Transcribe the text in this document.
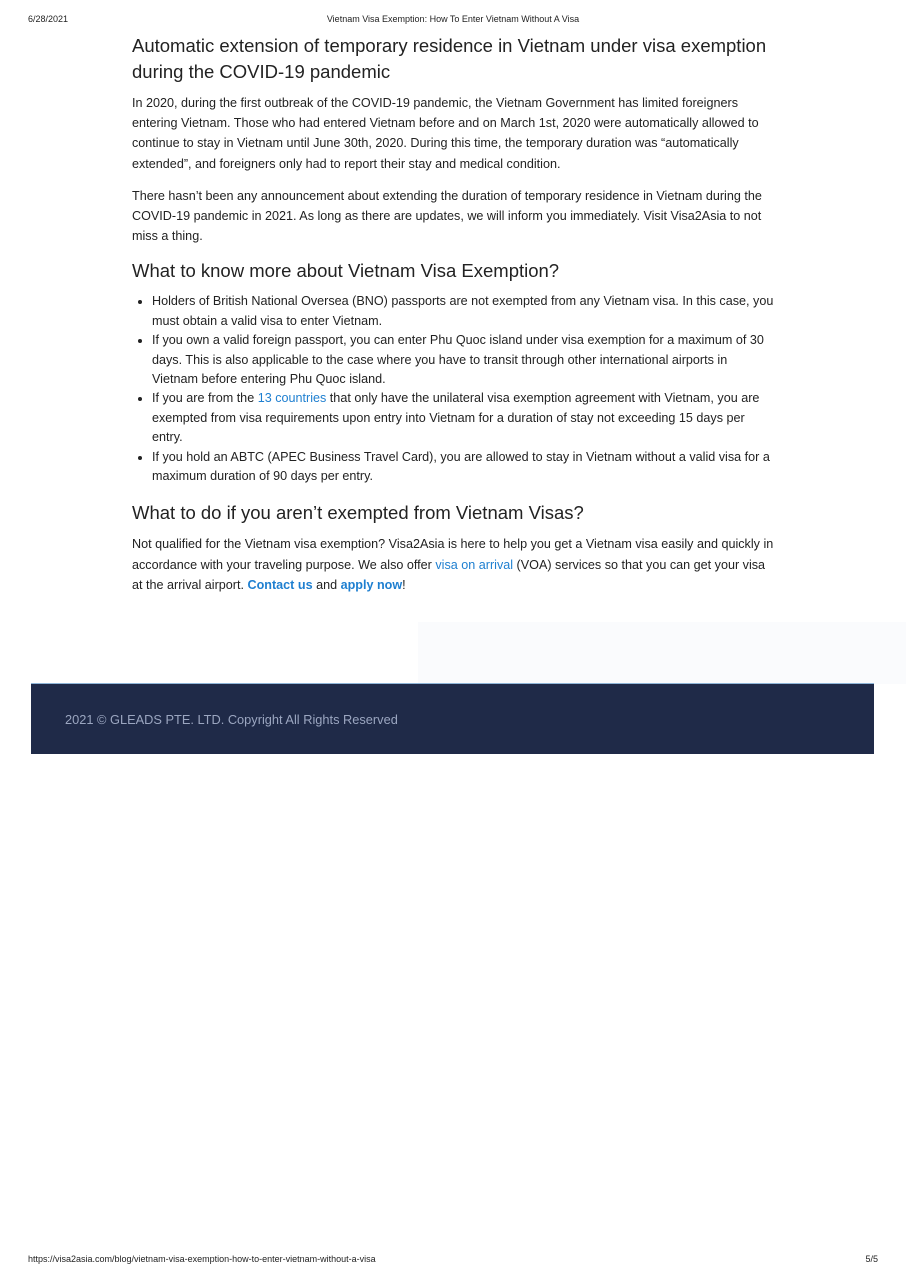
6/28/2021	Vietnam Visa Exemption: How To Enter Vietnam Without A Visa
Automatic extension of temporary residence in Vietnam under visa exemption during the COVID-19 pandemic

In 2020, during the first outbreak of the COVID-19 pandemic, the Vietnam Government has limited foreigners entering Vietnam. Those who had entered Vietnam before and on March 1st, 2020 were automatically allowed to continue to stay in Vietnam until June 30th, 2020. During this time, the temporary duration was “automatically extended”, and foreigners only had to report their stay and medical condition.

There hasn’t been any announcement about extending the duration of temporary residence in Vietnam during the COVID-19 pandemic in 2021. As long as there are updates, we will inform you immediately. Visit Visa2Asia to not miss a thing.

What to know more about Vietnam Visa Exemption?
• Holders of British National Oversea (BNO) passports are not exempted from any Vietnam visa. In this case, you must obtain a valid visa to enter Vietnam.
• If you own a valid foreign passport, you can enter Phu Quoc island under visa exemption for a maximum of 30 days. This is also applicable to the case where you have to transit through other international airports in Vietnam before entering Phu Quoc island.
• If you are from the 13 countries that only have the unilateral visa exemption agreement with Vietnam, you are exempted from visa requirements upon entry into Vietnam for a duration of stay not exceeding 15 days per entry.
• If you hold an ABTC (APEC Business Travel Card), you are allowed to stay in Vietnam without a valid visa for a maximum duration of 90 days per entry.
What to do if you aren’t exempted from Vietnam Visas?

Not qualified for the Vietnam visa exemption? Visa2Asia is here to help you get a Vietnam visa easily and quickly in accordance with your traveling purpose. We also offer visa on arrival (VOA) services so that you can get your visa at the arrival airport. Contact us and apply now!

2021 © GLEADS PTE. LTD. Copyright All Rights Reserved
https://visa2asia.com/blog/vietnam-visa-exemption-how-to-enter-vietnam-without-a-visa	5/5
